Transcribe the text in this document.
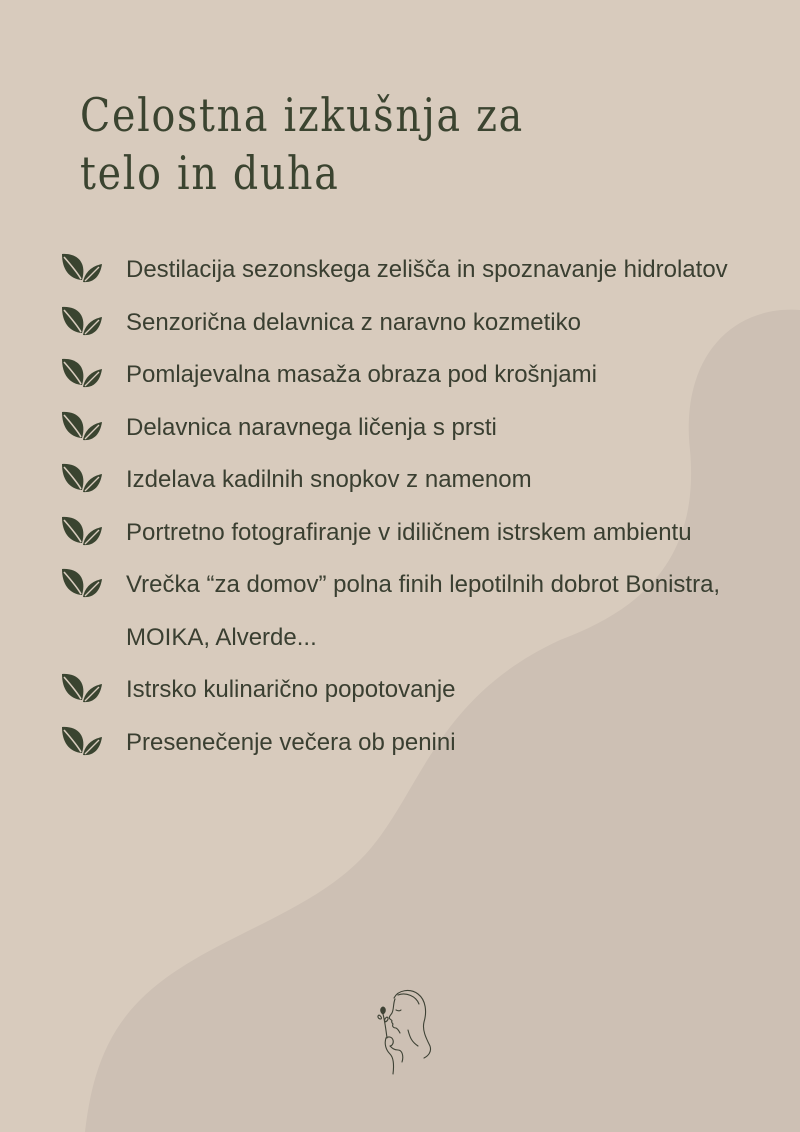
Celostna izkušnja za
telo in duha
Destilacija sezonskega zelišča in spoznavanje hidrolatov
Senzorična delavnica z naravno kozmetiko
Pomlajevalna masaža obraza pod krošnjami
Delavnica naravnega ličenja s prsti
Izdelava kadilnih snopkov z namenom
Portretno fotografiranje v idiličnem istrskem ambientu
Vrečka “za domov” polna finih lepotilnih dobrot Bonistra, MOIKA, Alverde...
Istrsko kulinarično popotovanje
Presenečenje večera ob penini
